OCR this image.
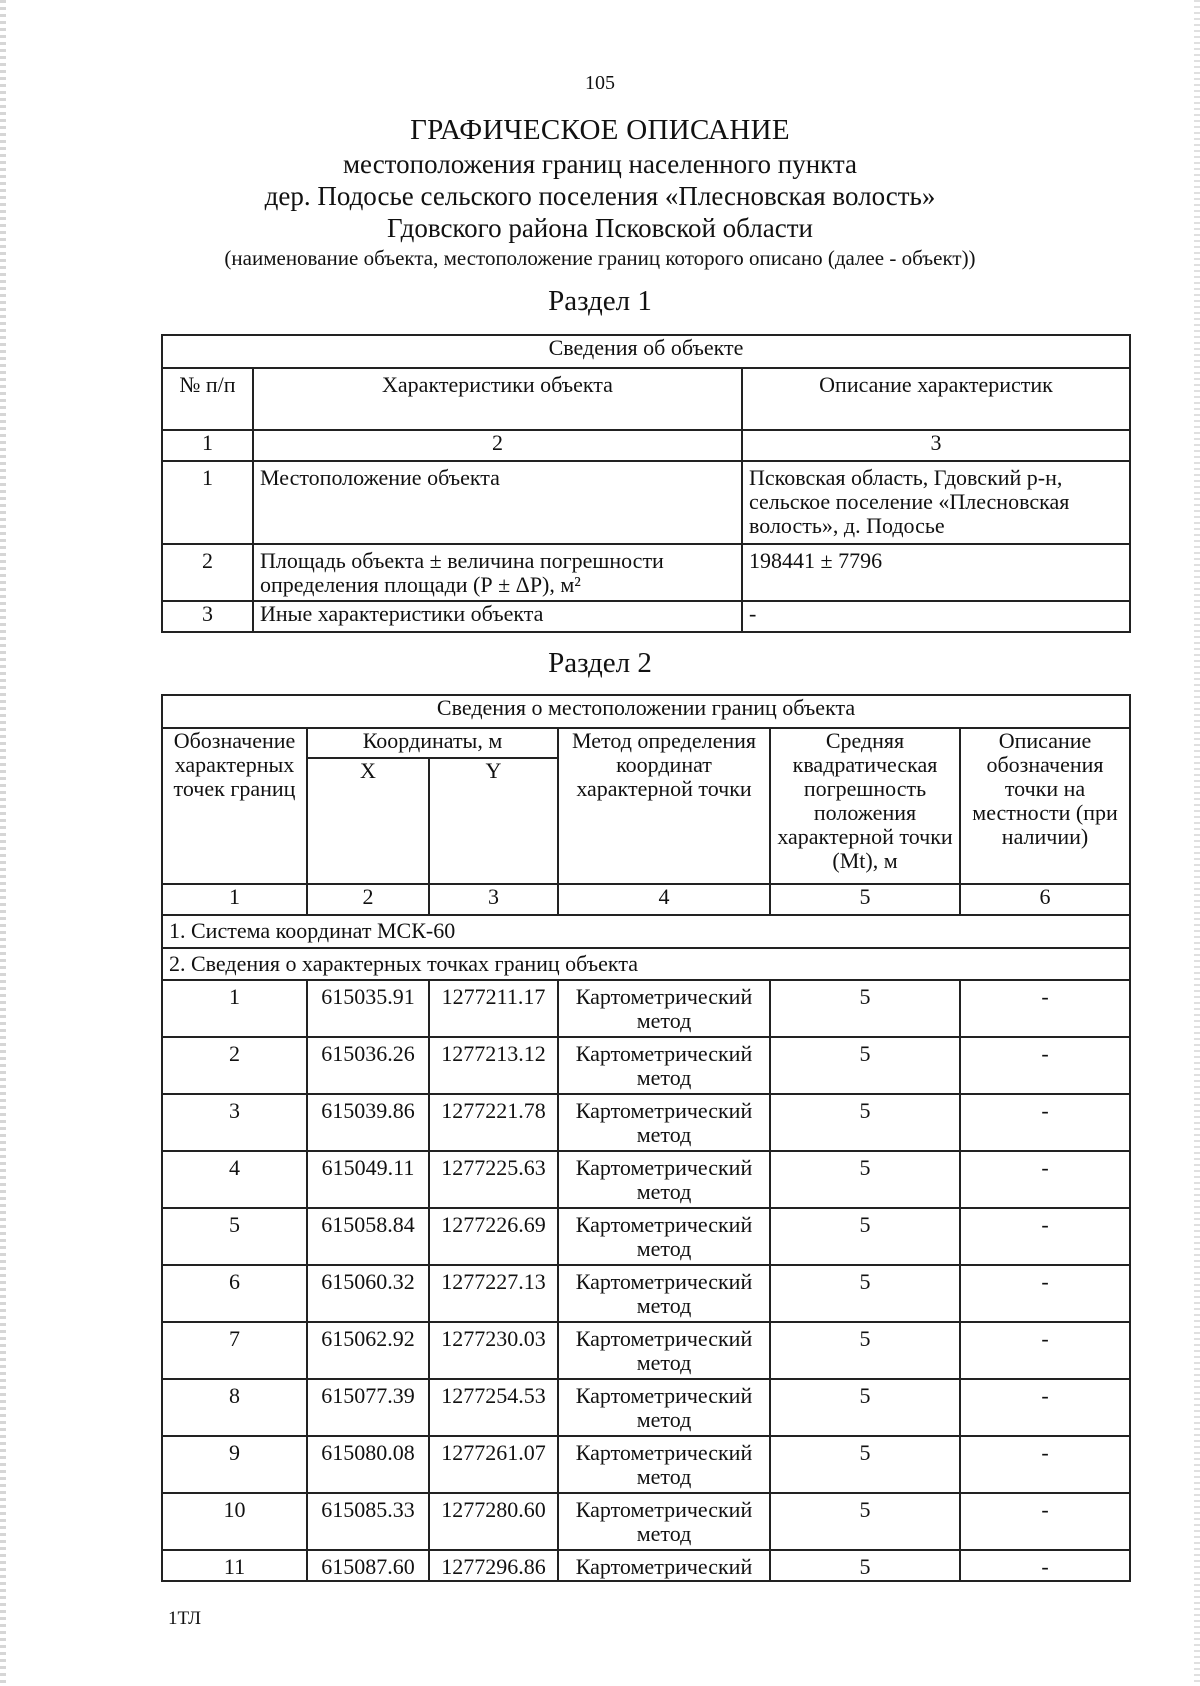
105
ГРАФИЧЕСКОЕ ОПИСАНИЕ
местоположения границ населенного пункта
дер. Подосье сельского поселения «Плесновская волость»
Гдовского района Псковской области
(наименование объекта, местоположение границ которого описано (далее - объект))
Раздел 1
Сведения об объекте		
№ п/п	Характеристики объекта	Описание характеристик
1	2	3
1	Местоположение объекта	Псковская область, Гдовский р-н, сельское поселение «Плесновская волость», д. Подосье
2	Площадь объекта ± величина погрешности определения площади (Р ± ΔР), м²	198441 ± 7796
3	Иные характеристики объекта	-
Раздел 2
Сведения о местоположении границ объекта					
Обозначение характерных точек границ	Координаты, м		Метод определения координат характерной точки	Средняя квадратическая погрешность положения характерной точки (Mt), м	Описание обозначения точки на местности (при наличии)
	X	Y			
1	2	3	4	5	6
1. Система координат МСК-60					
2. Сведения о характерных точках границ объекта					
1	615035.91	1277211.17	Картометрический метод	5	-
2	615036.26	1277213.12	Картометрический метод	5	-
3	615039.86	1277221.78	Картометрический метод	5	-
4	615049.11	1277225.63	Картометрический метод	5	-
5	615058.84	1277226.69	Картометрический метод	5	-
6	615060.32	1277227.13	Картометрический метод	5	-
7	615062.92	1277230.03	Картометрический метод	5	-
8	615077.39	1277254.53	Картометрический метод	5	-
9	615080.08	1277261.07	Картометрический метод	5	-
10	615085.33	1277280.60	Картометрический метод	5	-
11	615087.60	1277296.86	Картометрический	5	-
1ТЛ
